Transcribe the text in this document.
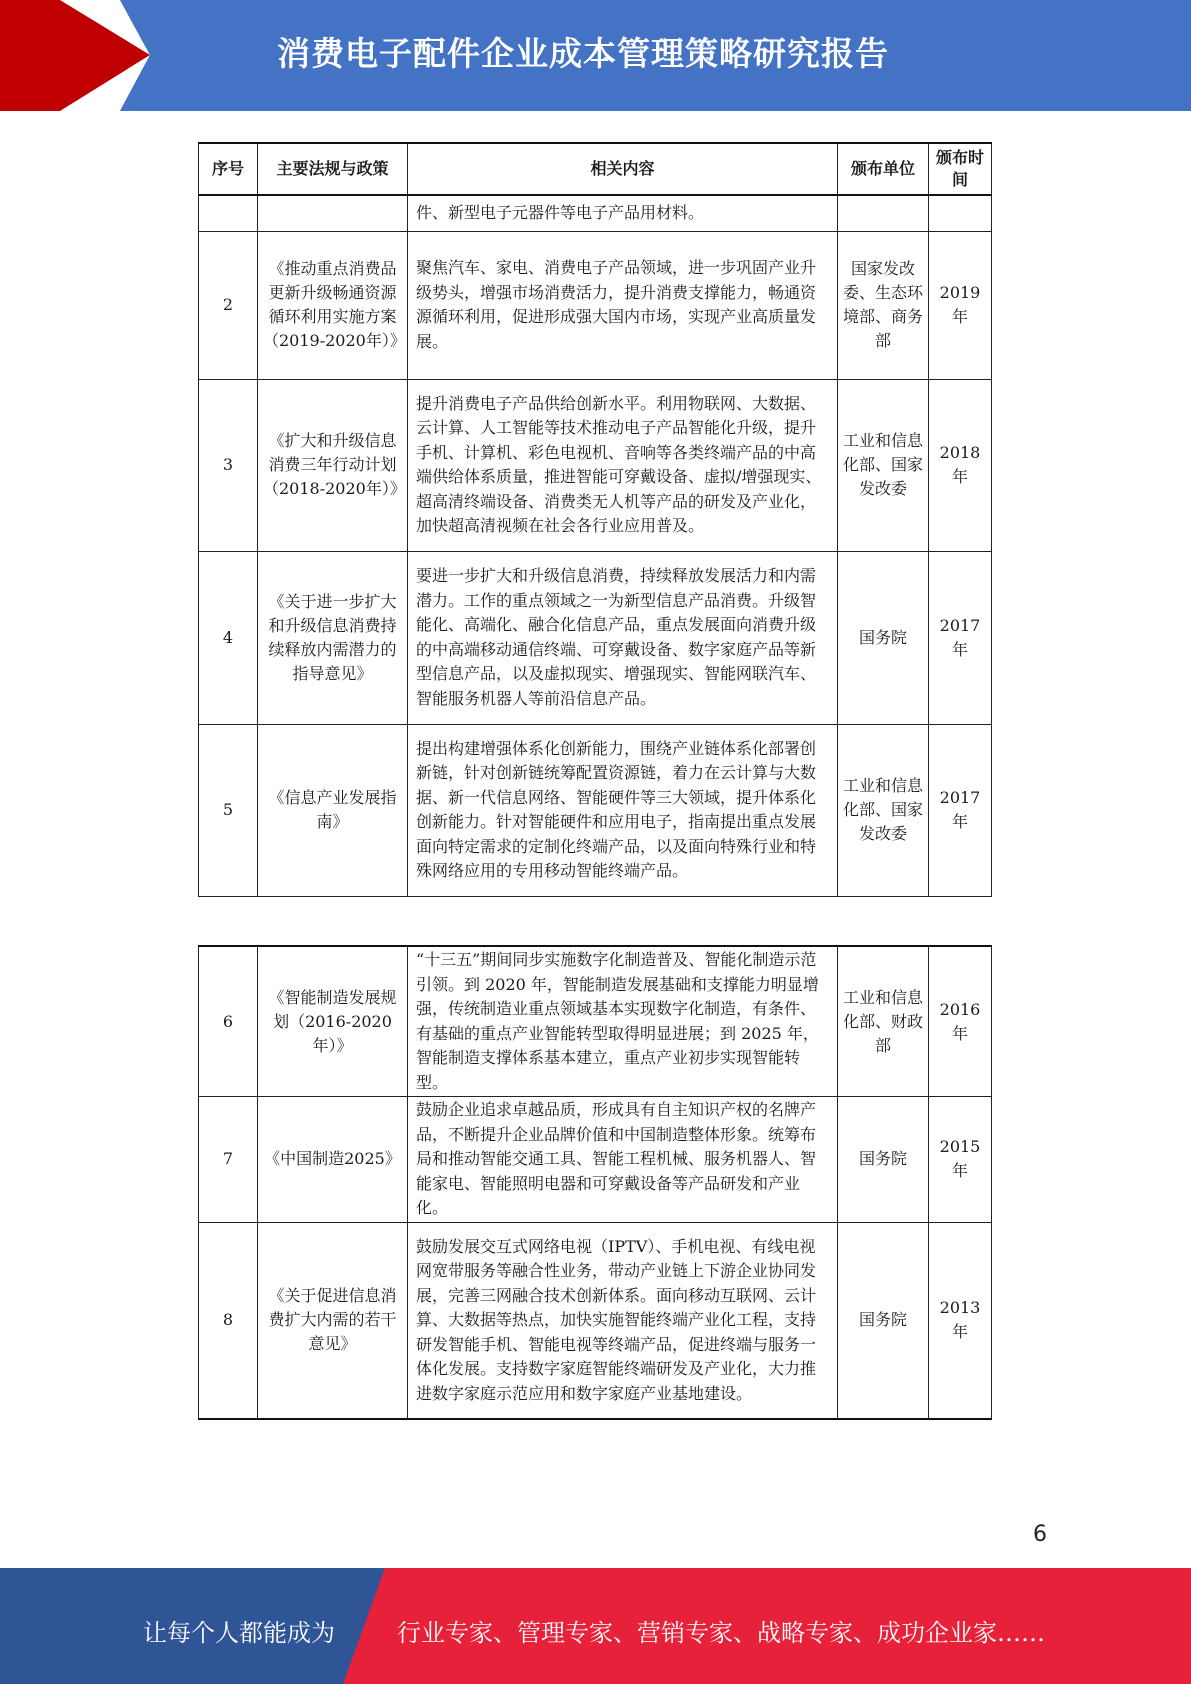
消费电子配件企业成本管理策略研究报告
序号	主要法规与政策	相关内容	颁布单位	颁布时间
		件、新型电子元器件等电子产品用材料。		
2	《推动重点消费品更新升级畅通资源循环利用实施方案（2019-2020年）》	聚焦汽车、家电、消费电子产品领域，进一步巩固产业升级势头，增强市场消费活力，提升消费支撑能力，畅通资源循环利用，促进形成强大国内市场，实现产业高质量发展。	国家发改委、生态环境部、商务部	2019年
3	《扩大和升级信息消费三年行动计划（2018-2020年）》	提升消费电子产品供给创新水平。利用物联网、大数据、云计算、人工智能等技术推动电子产品智能化升级，提升手机、计算机、彩色电视机、音响等各类终端产品的中高端供给体系质量，推进智能可穿戴设备、虚拟/增强现实、超高清终端设备、消费类无人机等产品的研发及产业化，加快超高清视频在社会各行业应用普及。	工业和信息化部、国家发改委	2018年
4	《关于进一步扩大和升级信息消费持续释放内需潜力的指导意见》	要进一步扩大和升级信息消费，持续释放发展活力和内需潜力。工作的重点领域之一为新型信息产品消费。升级智能化、高端化、融合化信息产品，重点发展面向消费升级的中高端移动通信终端、可穿戴设备、数字家庭产品等新型信息产品，以及虚拟现实、增强现实、智能网联汽车、智能服务机器人等前沿信息产品。	国务院	2017年
5	《信息产业发展指南》	提出构建增强体系化创新能力，围绕产业链体系化部署创新链，针对创新链统筹配置资源链，着力在云计算与大数据、新一代信息网络、智能硬件等三大领域，提升体系化创新能力。针对智能硬件和应用电子，指南提出重点发展面向特定需求的定制化终端产品，以及面向特殊行业和特殊网络应用的专用移动智能终端产品。	工业和信息化部、国家发改委	2017年
6	《智能制造发展规划（2016-2020年）》	“十三五”期间同步实施数字化制造普及、智能化制造示范引领。到 2020 年，智能制造发展基础和支撑能力明显增强，传统制造业重点领域基本实现数字化制造，有条件、有基础的重点产业智能转型取得明显进展；到 2025 年，智能制造支撑体系基本建立，重点产业初步实现智能转型。	工业和信息化部、财政部	2016年
7	《中国制造2025》	鼓励企业追求卓越品质，形成具有自主知识产权的名牌产品，不断提升企业品牌价值和中国制造整体形象。统筹布局和推动智能交通工具、智能工程机械、服务机器人、智能家电、智能照明电器和可穿戴设备等产品研发和产业化。	国务院	2015年
8	《关于促进信息消费扩大内需的若干意见》	鼓励发展交互式网络电视（IPTV）、手机电视、有线电视网宽带服务等融合性业务，带动产业链上下游企业协同发展，完善三网融合技术创新体系。面向移动互联网、云计算、大数据等热点，加快实施智能终端产业化工程，支持研发智能手机、智能电视等终端产品，促进终端与服务一体化发展。支持数字家庭智能终端研发及产业化，大力推进数字家庭示范应用和数字家庭产业基地建设。	国务院	2013年
6
让每个人都能成为	行业专家、管理专家、营销专家、战略专家、成功企业家……
